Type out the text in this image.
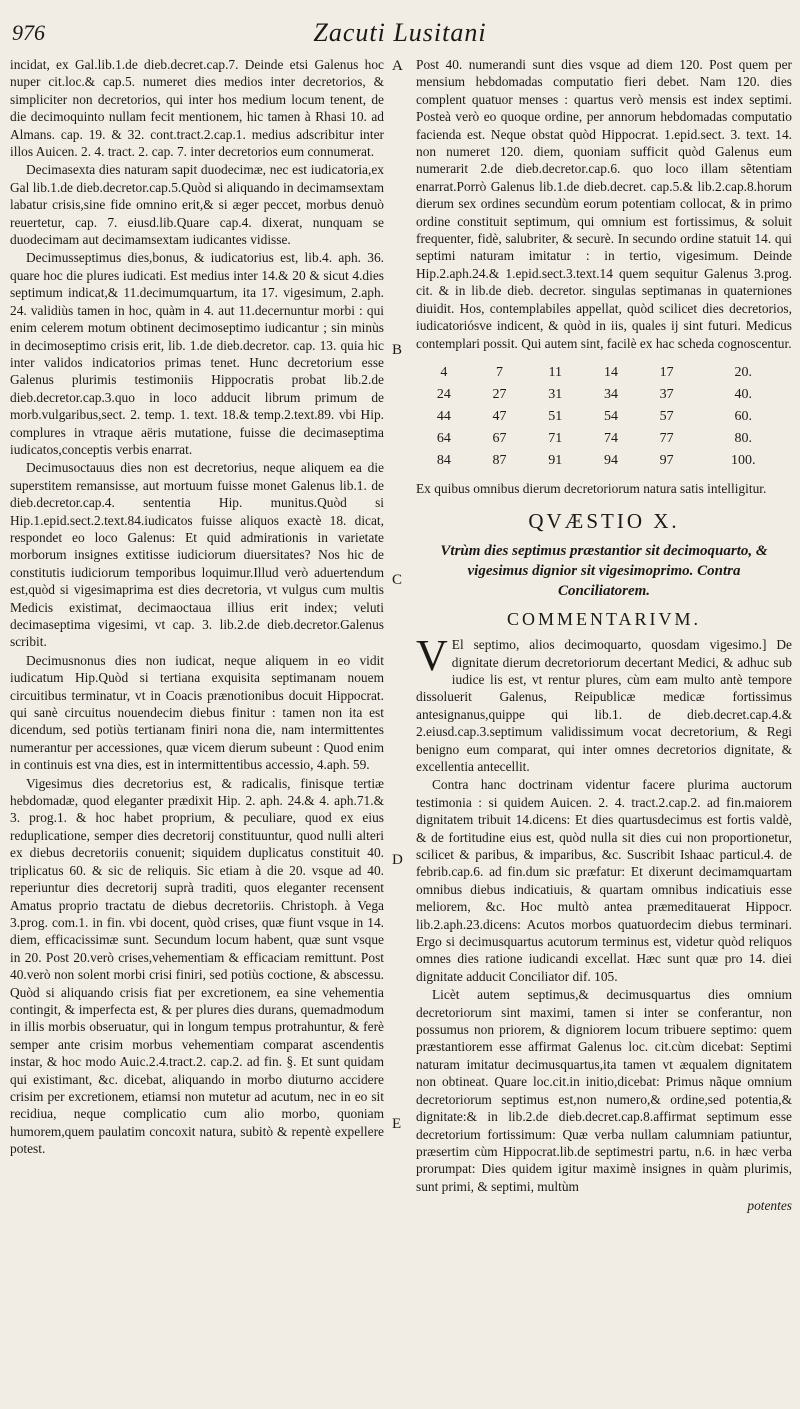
976	Zacuti Lusitani
A
B
C
D
E

incidat, ex Gal.lib.1.de dieb.decret.cap.7. Deinde etsi Galenus hoc nuper cit.loc.& cap.5. numeret dies medios inter decretorios, & simpliciter non decretorios, qui inter hos medium locum tenent, de die decimoquinto nullam fecit mentionem, hic tamen à Rhasi 10. ad Almans. cap. 19. & 32. cont.tract.2.cap.1. medius adscribitur inter illos Auicen. 2. 4. tract. 2. cap. 7. inter decretorios eum connumerat.

Decimasexta dies naturam sapit duodecimæ, nec est iudicatoria,ex Gal lib.1.de dieb.decretor.cap.5.Quòd si aliquando in decimamsextam labatur crisis,sine fide omnino erit,& si æger peccet, morbus denuò reuertetur, cap. 7. eiusd.lib.Quare cap.4. dixerat, nunquam se duodecimam aut decimamsextam iudicantes vidisse.

Decimusseptimus dies,bonus, & iudicatorius est, lib.4. aph. 36. quare hoc die plures iudicati. Est medius inter 14.& 20 & sicut 4.dies septimum indicat,& 11.decimumquartum, ita 17. vigesimum, 2.aph. 24. validiùs tamen in hoc, quàm in 4. aut 11.decernuntur morbi : qui enim celerem motum obtinent decimoseptimo iudicantur ; sin minùs in decimoseptimo crisis erit, lib. 1.de dieb.decretor. cap. 13. quia hic inter validos indicatorios primas tenet. Hunc decretorium esse Galenus plurimis testimoniis Hippocratis probat lib.2.de dieb.decretor.cap.3.quo in loco adducit librum primum de morb.vulgaribus,sect. 2. temp. 1. text. 18.& temp.2.text.89. vbi Hip. complures in vtraque aëris mutatione, fuisse die decimaseptima iudicatos,conceptis verbis enarrat.

Decimusoctauus dies non est decretorius, neque aliquem ea die superstitem remansisse, aut mortuum fuisse monet Galenus lib.1. de dieb.decretor.cap.4. sententia Hip. munitus.Quòd si Hip.1.epid.sect.2.text.84.iudicatos fuisse aliquos exactè 18. dicat, respondet eo loco Galenus: Et quid admirationis in varietate morborum insignes extitisse iudiciorum diuersitates? Nos hic de constitutis iudiciorum temporibus loquimur.Illud verò aduertendum est,quòd si vigesimaprima est dies decretoria, vt vulgus cum multis Medicis existimat, decimaoctaua illius erit index; veluti decimaseptima vigesimi, vt cap. 3. lib.2.de dieb.decretor.Galenus scribit.

Decimusnonus dies non iudicat, neque aliquem in eo vidit iudicatum Hip.Quòd si tertiana exquisita septimanam nouem circuitibus terminatur, vt in Coacis prænotionibus docuit Hippocrat. qui sanè circuitus nouendecim diebus finitur : tamen non ita est dicendum, sed potiùs tertianam finiri nona die, nam intermittentes numerantur per accessiones, quæ vicem dierum subeunt : Quod enim in continuis est vna dies, est in intermittentibus accessio, 4.aph. 59.

Vigesimus dies decretorius est, & radicalis, finisque tertiæ hebdomadæ, quod eleganter prædixit Hip. 2. aph. 24.& 4. aph.71.& 3. prog.1. & hoc habet proprium, & peculiare, quod ex eius reduplicatione, semper dies decretorij constituuntur, quod nulli alteri ex diebus decretoriis conuenit; siquidem duplicatus constituit 40. triplicatus 60. & sic de reliquis. Sic etiam à die 20. vsque ad 40. reperiuntur dies decretorij suprà traditi, quos eleganter recensent Amatus proprio tractatu de diebus decretoriis. Christoph. à Vega 3.prog. com.1. in fin. vbi docent, quòd crises, quæ fiunt vsque in 14. diem, efficacissimæ sunt. Secundum locum habent, quæ sunt vsque in 20. Post 20.verò crises,vehementiam & efficaciam remittunt. Post 40.verò non solent morbi crisi finiri, sed potiùs coctione, & abscessu. Quòd si aliquando crisis fiat per excretionem, ea sine vehementia contingit, & imperfecta est, & per plures dies durans, quemadmodum in illis morbis obseruatur, qui in longum tempus protrahuntur, & ferè semper ante crisim morbus vehementiam comparat ascendentis instar, & hoc modo Auic.2.4.tract.2. cap.2. ad fin. §. Et sunt quidam qui existimant, &c. dicebat, aliquando in morbo diuturno accidere crisim per excretionem, etiamsi non mutetur ad acutum, nec in eo sit recidiua, neque complicatio cum alio morbo, quoniam humorem,quem paulatim concoxit natura, subitò & repentè expellere potest.

Post 40. numerandi sunt dies vsque ad diem 120. Post quem per mensium hebdomadas computatio fieri debet. Nam 120. dies complent quatuor menses : quartus verò mensis est index septimi. Posteà verò eo quoque ordine, per annorum hebdomadas computatio facienda est. Neque obstat quòd Hippocrat. 1.epid.sect. 3. text. 14. non numeret 120. diem, quoniam sufficit quòd Galenus eum numerarit 2.de dieb.decretor.cap.6. quo loco illam sẽtentiam enarrat.Porrò Galenus lib.1.de dieb.decret. cap.5.& lib.2.cap.8.horum dierum sex ordines secundùm eorum potentiam collocat, & in primo ordine constituit septimum, qui omnium est fortissimus, & soluit frequenter, fidè, salubriter, & securè. In secundo ordine statuit 14. qui septimi naturam imitatur : in tertio, vigesimum. Deinde Hip.2.aph.24.& 1.epid.sect.3.text.14 quem sequitur Galenus 3.prog. cit. & in lib.de dieb. decretor. singulas septimanas in quaterniones diuidit. Hos, contemplabiles appellat, quòd scilicet dies decretorios, iudicatoriósve indicent, & quòd in iis, quales ij sint futuri. Medicus contemplari possit. Qui autem sint, facilè ex hac scheda cognoscentur.

4	7	11	14	17	20.
24	27	31	34	37	40.
44	47	51	54	57	60.
64	67	71	74	77	80.
84	87	91	94	97	100.

Ex quibus omnibus dierum decretoriorum natura satis intelligitur.

QVÆSTIO X.
Vtrùm dies septimus præstantior sit decimoquarto, & vigesimus dignior sit vigesimoprimo. Contra Conciliatorem.
COMMENTARIVM.

V El septimo, alios decimoquarto, quosdam vigesimo.] De dignitate dierum decretoriorum decertant Medici, & adhuc sub iudice lis est, vt rentur plures, cùm eam multo antè tempore dissoluerit Galenus, Reipublicæ medicæ fortissimus antesignanus,quippe qui lib.1. de dieb.decret.cap.4.& 2.eiusd.cap.3.septimum validissimum vocat decretorium, & Regi benigno eum comparat, qui inter omnes decretorios dignitate, & excellentia antecellit.

Contra hanc doctrinam videntur facere plurima auctorum testimonia : si quidem Auicen. 2. 4. tract.2.cap.2. ad fin.maiorem dignitatem tribuit 14.dicens: Et dies quartusdecimus est fortis valdè, & de fortitudine eius est, quòd nulla sit dies cui non proportionetur, scilicet & paribus, & imparibus, &c. Suscribit Ishaac particul.4. de febrib.cap.6. ad fin.dum sic præfatur: Et dixerunt decimamquartam omnibus diebus indicatiuis, & quartam omnibus indicatiuis esse meliorem, &c. Hoc multò antea præmeditauerat Hippocr. lib.2.aph.23.dicens: Acutos morbos quatuordecim diebus terminari. Ergo si decimusquartus acutorum terminus est, videtur quòd reliquos omnes dies ratione iudicandi excellat. Hæc sunt quæ pro 14. diei dignitate adducit Conciliator dif. 105.

Licèt autem septimus,& decimusquartus dies omnium decretoriorum sint maximi, tamen si inter se conferantur, non possumus non priorem, & digniorem locum tribuere septimo: quem præstantiorem esse affirmat Galenus loc. cit.cùm dicebat: Septimi naturam imitatur decimusquartus,ita tamen vt æqualem dignitatem non obtineat. Quare loc.cit.in initio,dicebat: Primus nãque omnium decretoriorum septimus est,non numero,& ordine,sed potentia,& dignitate:& in lib.2.de dieb.decret.cap.8.affirmat septimum esse decretorium fortissimum: Quæ verba nullam calumniam patiuntur, præsertim cùm Hippocrat.lib.de septimestri partu, n.6. in hæc verba prorumpat: Dies quidem igitur maximè insignes in quàm plurimis, sunt primi, & septimi, multùm

potentes
